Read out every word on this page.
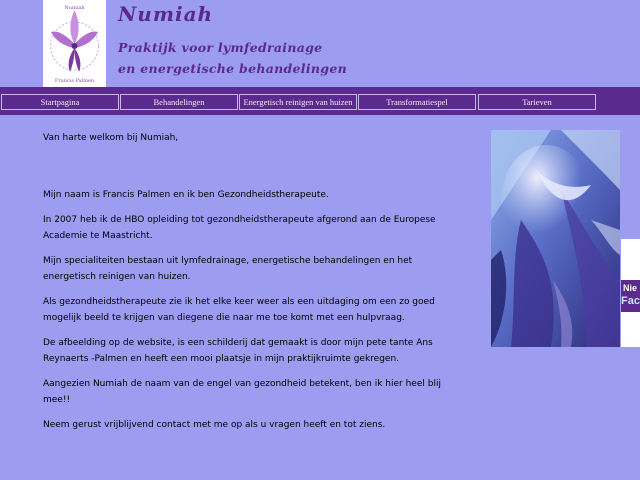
Numiah
Francis Palmen
Numiah
Praktijk voor lymfedrainage
en energetische behandelingen
Startpagina	Behandelingen	Energetisch reinigen van huizen	Transformatiespel	Tarieven

Van harte welkom bij Numiah,

Mijn naam is Francis Palmen en ik ben Gezondheidstherapeute.

In 2007 heb ik de HBO opleiding tot gezondheidstherapeute afgerond aan de Europese Academie te Maastricht.

Mijn specialiteiten bestaan uit lymfedrainage, energetische behandelingen en het energetisch reinigen van huizen.

Als gezondheidstherapeute zie ik het elke keer weer als een uitdaging om een zo goed mogelijk beeld te krijgen van diegene die naar me toe komt met een hulpvraag.

De afbeelding op de website, is een schilderij dat gemaakt is door mijn pete tante Ans Reynaerts -Palmen en heeft een mooi plaatsje in mijn praktijkruimte gekregen.

Aangezien Numiah de naam van de engel van gezondheid betekent, ben ik hier heel blij mee!!

Neem gerust vrijblijvend contact met me op als u vragen heeft en tot ziens.

Nie
Fac
